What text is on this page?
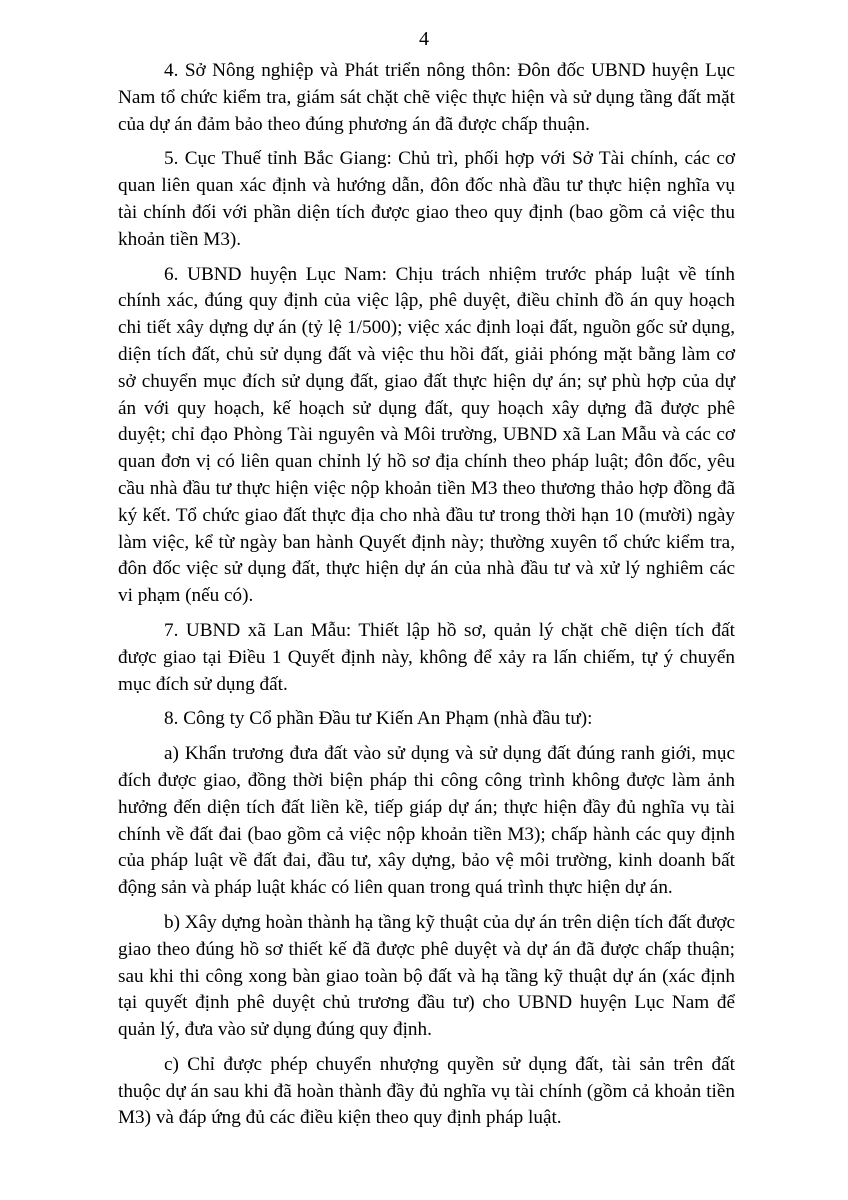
4

4. Sở Nông nghiệp và Phát triển nông thôn: Đôn đốc UBND huyện Lục Nam tổ chức kiểm tra, giám sát chặt chẽ việc thực hiện và sử dụng tầng đất mặt của dự án đảm bảo theo đúng phương án đã được chấp thuận.

5. Cục Thuế tỉnh Bắc Giang: Chủ trì, phối hợp với Sở Tài chính, các cơ quan liên quan xác định và hướng dẫn, đôn đốc nhà đầu tư thực hiện nghĩa vụ tài chính đối với phần diện tích được giao theo quy định (bao gồm cả việc thu khoản tiền M3).

6. UBND huyện Lục Nam: Chịu trách nhiệm trước pháp luật về tính chính xác, đúng quy định của việc lập, phê duyệt, điều chỉnh đồ án quy hoạch chi tiết xây dựng dự án (tỷ lệ 1/500); việc xác định loại đất, nguồn gốc sử dụng, diện tích đất, chủ sử dụng đất và việc thu hồi đất, giải phóng mặt bằng làm cơ sở chuyển mục đích sử dụng đất, giao đất thực hiện dự án; sự phù hợp của dự án với quy hoạch, kế hoạch sử dụng đất, quy hoạch xây dựng đã được phê duyệt; chỉ đạo Phòng Tài nguyên và Môi trường, UBND xã Lan Mẫu và các cơ quan đơn vị có liên quan chỉnh lý hồ sơ địa chính theo pháp luật; đôn đốc, yêu cầu nhà đầu tư thực hiện việc nộp khoản tiền M3 theo thương thảo hợp đồng đã ký kết. Tổ chức giao đất thực địa cho nhà đầu tư trong thời hạn 10 (mười) ngày làm việc, kể từ ngày ban hành Quyết định này; thường xuyên tổ chức kiểm tra, đôn đốc việc sử dụng đất, thực hiện dự án của nhà đầu tư và xử lý nghiêm các vi phạm (nếu có).

7. UBND xã Lan Mẫu: Thiết lập hồ sơ, quản lý chặt chẽ diện tích đất được giao tại Điều 1 Quyết định này, không để xảy ra lấn chiếm, tự ý chuyển mục đích sử dụng đất.

8. Công ty Cổ phần Đầu tư Kiến An Phạm (nhà đầu tư):

a) Khẩn trương đưa đất vào sử dụng và sử dụng đất đúng ranh giới, mục đích được giao, đồng thời biện pháp thi công công trình không được làm ảnh hưởng đến diện tích đất liền kề, tiếp giáp dự án; thực hiện đầy đủ nghĩa vụ tài chính về đất đai (bao gồm cả việc nộp khoản tiền M3); chấp hành các quy định của pháp luật về đất đai, đầu tư, xây dựng, bảo vệ môi trường, kinh doanh bất động sản và pháp luật khác có liên quan trong quá trình thực hiện dự án.

b) Xây dựng hoàn thành hạ tầng kỹ thuật của dự án trên diện tích đất được giao theo đúng hồ sơ thiết kế đã được phê duyệt và dự án đã được chấp thuận; sau khi thi công xong bàn giao toàn bộ đất và hạ tầng kỹ thuật dự án (xác định tại quyết định phê duyệt chủ trương đầu tư) cho UBND huyện Lục Nam để quản lý, đưa vào sử dụng đúng quy định.

c) Chỉ được phép chuyển nhượng quyền sử dụng đất, tài sản trên đất thuộc dự án sau khi đã hoàn thành đầy đủ nghĩa vụ tài chính (gồm cả khoản tiền M3) và đáp ứng đủ các điều kiện theo quy định pháp luật.
